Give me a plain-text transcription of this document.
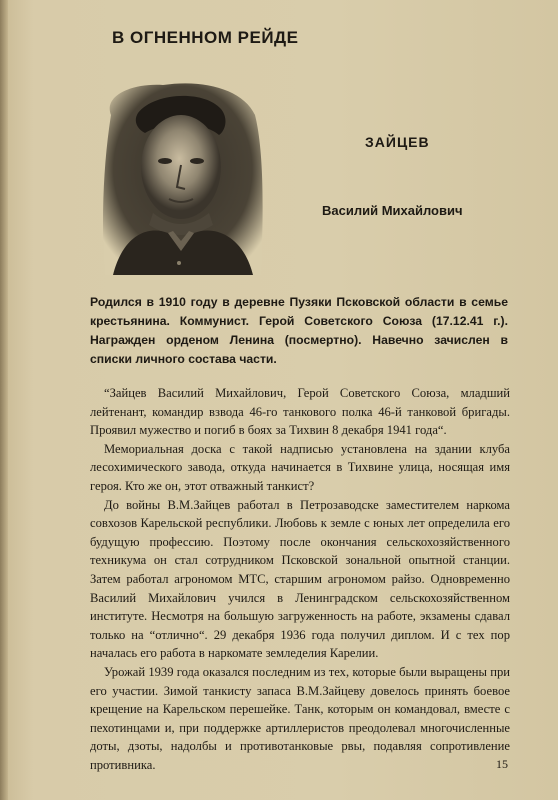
В ОГНЕННОМ РЕЙДЕ
ЗАЙЦЕВ
Василий Михайлович

Родился в 1910 году в деревне Пузяки Псковской области в семье крестьянина. Коммунист. Герой Советского Союза (17.12.41 г.). Награжден орденом Ленина (посмертно). Навечно зачислен в списки личного состава части.

“Зайцев Василий Михайлович, Герой Советского Союза, младший лейтенант, командир взвода 46-го танкового полка 46-й танковой бригады. Проявил мужество и погиб в боях за Тихвин 8 декабря 1941 года“.

Мемориальная доска с такой надписью установлена на здании клуба лесохимического завода, откуда начинается в Тихвине улица, носящая имя героя. Кто же он, этот отважный танкист?

До войны В.М.Зайцев работал в Петрозаводске заместителем наркома совхозов Карельской республики. Любовь к земле с юных лет определила его будущую профессию. Поэтому после окончания сельскохозяйственного техникума он стал сотрудником Псковской зональной опытной станции. Затем работал агрономом МТС, старшим агрономом райзо. Одновременно Василий Михайлович учился в Ленинградском сельскохозяйственном институте. Несмотря на большую загруженность на работе, экзамены сдавал только на “отлично“. 29 декабря 1936 года получил диплом. И с тех пор началась его работа в наркомате земледелия Карелии.

Урожай 1939 года оказался последним из тех, которые были выращены при его участии. Зимой танкисту запаса В.М.Зайцеву довелось принять боевое крещение на Карельском перешейке. Танк, которым он командовал, вместе с пехотинцами и, при поддержке артиллеристов преодолевал многочисленные доты, дзоты, надолбы и противотанковые рвы, подавляя сопротивление противника.	15
